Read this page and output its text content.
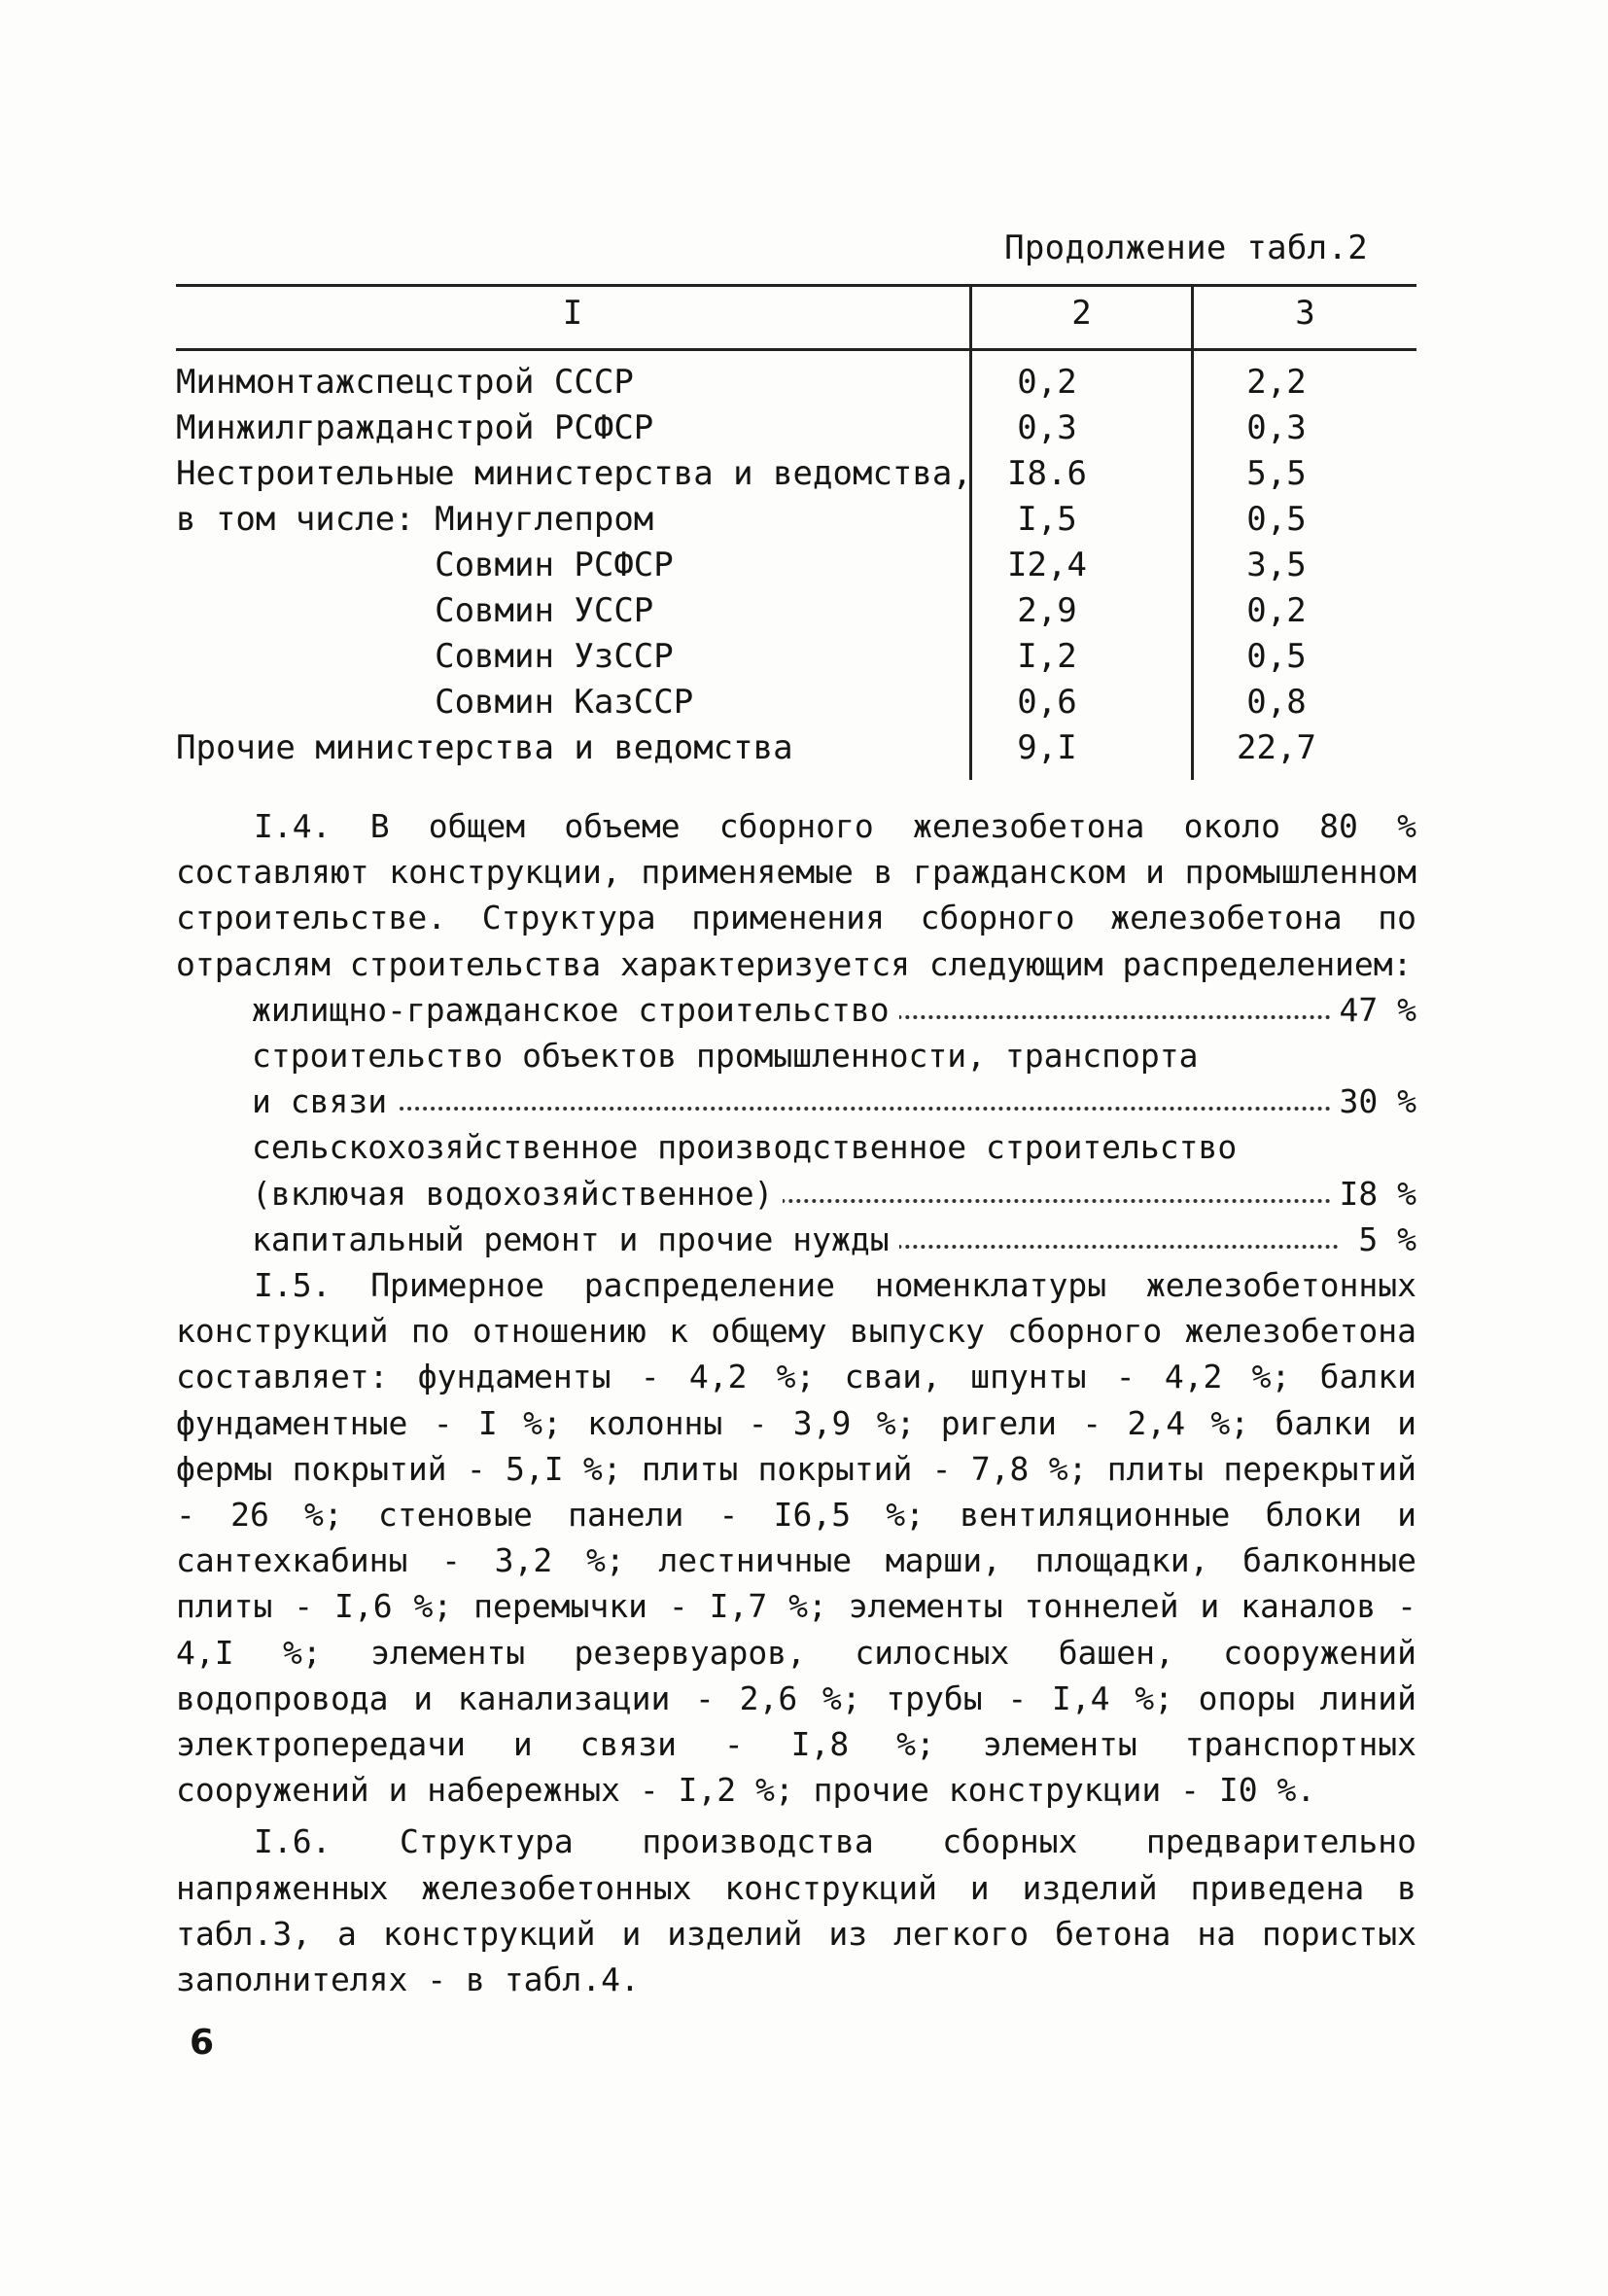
Продолжение табл.2
I	2	3
Минмонтажспецстрой СССР	0,2	2,2
Минжилгражданстрой РСФСР	0,3	0,3
Нестроительные министерства и ведомства,	I8.6	5,5
в том числе: Минуглепром	I,5	0,5
Совмин РСФСР	I2,4	3,5
Совмин УССР	2,9	0,2
Совмин УзССР	I,2	0,5
Совмин КазССР	0,6	0,8
Прочие министерства и ведомства	9,I	22,7

I.4. В общем объеме сборного железобетона около 80 % составляют конструкции, применяемые в гражданском и промышленном строительстве. Структура применения сборного железобетона по отраслям строительства характеризуется следующим распределением:

жилищно-гражданское строительство	47 %
строительство объектов промышленности, транспорта
и связи	30 %
сельскохозяйственное производственное строительство
(включая водохозяйственное)	I8 %
капитальный ремонт и прочие нужды	5 %

I.5. Примерное распределение номенклатуры железобетонных конструкций по отношению к общему выпуску сборного железобетона составляет: фундаменты - 4,2 %; сваи, шпунты - 4,2 %; балки фундаментные - I %; колонны - 3,9 %; ригели - 2,4 %; балки и фермы покрытий - 5,I %; плиты покрытий - 7,8 %; плиты перекрытий - 26 %; стеновые панели - I6,5 %; вентиляционные блоки и сантехкабины - 3,2 %; лестничные марши, площадки, балконные плиты - I,6 %; перемычки - I,7 %; элементы тоннелей и каналов - 4,I %; элементы резервуаров, силосных башен, сооружений водопровода и канализации - 2,6 %; трубы - I,4 %; опоры линий электропередачи и связи - I,8 %; элементы транспортных сооружений и набережных - I,2 %; прочие конструкции - I0 %.

I.6. Структура производства сборных предварительно напряженных железобетонных конструкций и изделий приведена в табл.3, а конструкций и изделий из легкого бетона на пористых заполнителях - в табл.4.

6
